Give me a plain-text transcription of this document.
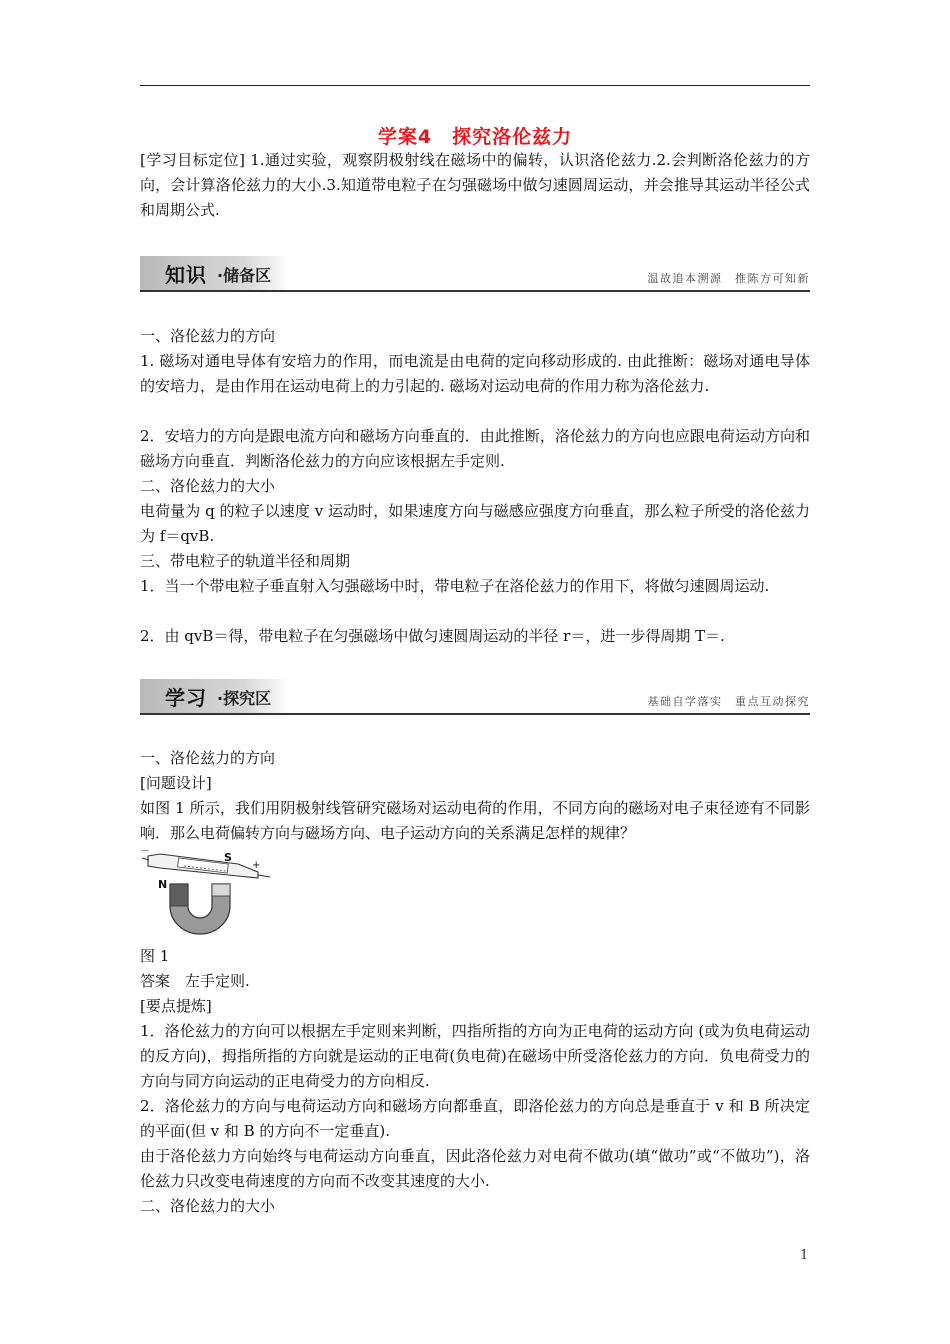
学案4　探究洛伦兹力

[学习目标定位] 1.通过实验，观察阴极射线在磁场中的偏转，认识洛伦兹力.2.会判断洛伦兹力的方向，会计算洛伦兹力的大小.3.知道带电粒子在匀强磁场中做匀速圆周运动，并会推导其运动半径公式和周期公式.

知识 ·储备区	温故追本溯源　推陈方可知新

一、洛伦兹力的方向

1. 磁场对通电导体有安培力的作用，而电流是由电荷的定向移动形成的. 由此推断：磁场对通电导体的安培力，是由作用在运动电荷上的力引起的. 磁场对运动电荷的作用力称为洛伦兹力.

2．安培力的方向是跟电流方向和磁场方向垂直的．由此推断，洛伦兹力的方向也应跟电荷运动方向和磁场方向垂直．判断洛伦兹力的方向应该根据左手定则.

二、洛伦兹力的大小

电荷量为 q 的粒子以速度 v 运动时，如果速度方向与磁感应强度方向垂直，那么粒子所受的洛伦兹力为 f＝qvB.

三、带电粒子的轨道半径和周期

1．当一个带电粒子垂直射入匀强磁场中时，带电粒子在洛伦兹力的作用下，将做匀速圆周运动.

2．由 qvB＝得，带电粒子在匀强磁场中做匀速圆周运动的半径 r＝，进一步得周期 T＝.

学习 ·探究区	基础自学落实　重点互动探究

一、洛伦兹力的方向

[问题设计]

如图 1 所示，我们用阴极射线管研究磁场对运动电荷的作用，不同方向的磁场对电子束径迹有不同影响．那么电荷偏转方向与磁场方向、电子运动方向的关系满足怎样的规律？

－
+
S
N

图 1

答案　左手定则.

[要点提炼]

1．洛伦兹力的方向可以根据左手定则来判断，四指所指的方向为正电荷的运动方向 (或为负电荷运动的反方向)，拇指所指的方向就是运动的正电荷(负电荷)在磁场中所受洛伦兹力的方向．负电荷受力的方向与同方向运动的正电荷受力的方向相反.

2．洛伦兹力的方向与电荷运动方向和磁场方向都垂直，即洛伦兹力的方向总是垂直于 v 和 B 所决定的平面(但 v 和 B 的方向不一定垂直).

由于洛伦兹力方向始终与电荷运动方向垂直，因此洛伦兹力对电荷不做功(填“做功”或“不做功”)，洛伦兹力只改变电荷速度的方向而不改变其速度的大小.

二、洛伦兹力的大小

1
